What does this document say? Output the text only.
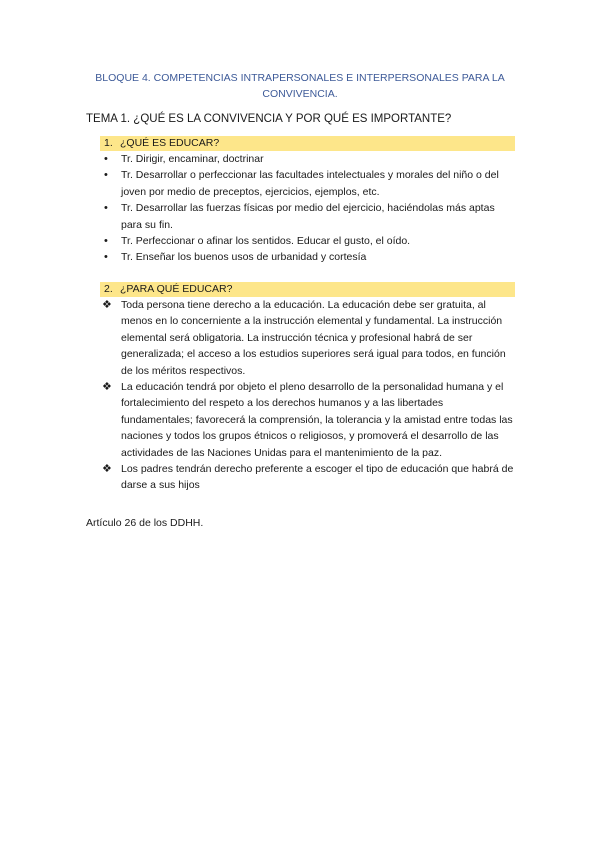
BLOQUE 4. COMPETENCIAS INTRAPERSONALES E INTERPERSONALES PARA LA CONVIVENCIA.
TEMA 1. ¿QUÉ ES LA CONVIVENCIA Y POR QUÉ ES IMPORTANTE?
1. ¿QUÉ ES EDUCAR?
• Tr. Dirigir, encaminar, doctrinar
• Tr. Desarrollar o perfeccionar las facultades intelectuales y morales del niño o del joven por medio de preceptos, ejercicios, ejemplos, etc.
• Tr. Desarrollar las fuerzas físicas por medio del ejercicio, haciéndolas más aptas para su fin.
• Tr. Perfeccionar o afinar los sentidos. Educar el gusto, el oído.
• Tr. Enseñar los buenos usos de urbanidad y cortesía
2. ¿PARA QUÉ EDUCAR?
❖ Toda persona tiene derecho a la educación. La educación debe ser gratuita, al menos en lo concerniente a la instrucción elemental y fundamental. La instrucción elemental será obligatoria. La instrucción técnica y profesional habrá de ser generalizada; el acceso a los estudios superiores será igual para todos, en función de los méritos respectivos.
❖ La educación tendrá por objeto el pleno desarrollo de la personalidad humana y el fortalecimiento del respeto a los derechos humanos y a las libertades fundamentales; favorecerá la comprensión, la tolerancia y la amistad entre todas las naciones y todos los grupos étnicos o religiosos, y promoverá el desarrollo de las actividades de las Naciones Unidas para el mantenimiento de la paz.
❖ Los padres tendrán derecho preferente a escoger el tipo de educación que habrá de darse a sus hijos
Artículo 26 de los DDHH.
